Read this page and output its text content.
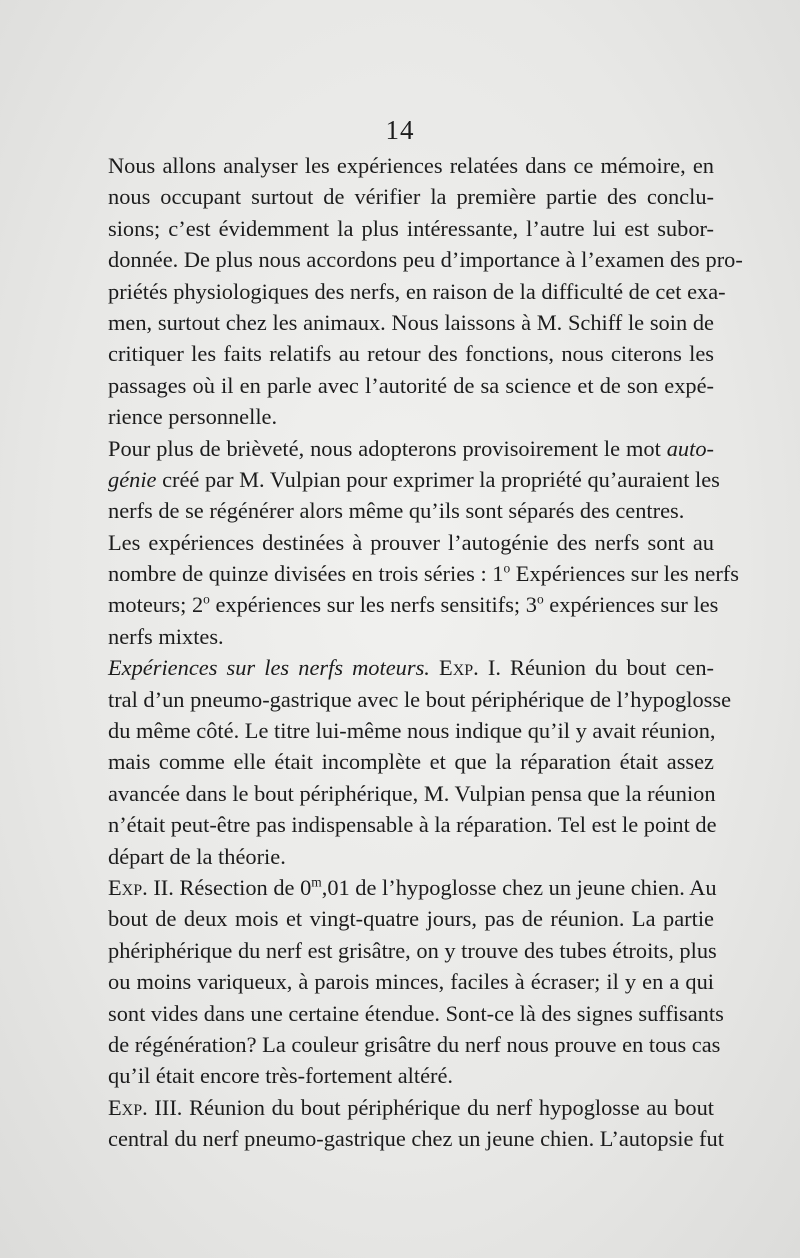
14
Nous allons analyser les expériences relatées dans ce mémoire, en
nous occupant surtout de vérifier la première partie des conclu-
sions; c’est évidemment la plus intéressante, l’autre lui est subor-
donnée. De plus nous accordons peu d’importance à l’examen des pro-
priétés physiologiques des nerfs, en raison de la difficulté de cet exa-
men, surtout chez les animaux. Nous laissons à M. Schiff le soin de
critiquer les faits relatifs au retour des fonctions, nous citerons les
passages où il en parle avec l’autorité de sa science et de son expé-
rience personnelle.
Pour plus de brièveté, nous adopterons provisoirement le mot auto-
génie créé par M. Vulpian pour exprimer la propriété qu’auraient les
nerfs de se régénérer alors même qu’ils sont séparés des centres.
Les expériences destinées à prouver l’autogénie des nerfs sont au
nombre de quinze divisées en trois séries : 1$^o$ Expériences sur les nerfs
moteurs; 2$^o$ expériences sur les nerfs sensitifs; 3$^o$ expériences sur les
nerfs mixtes.
Expériences sur les nerfs moteurs. Exp. I. Réunion du bout cen-
tral d’un pneumo-gastrique avec le bout périphérique de l’hypoglosse
du même côté. Le titre lui-même nous indique qu’il y avait réunion,
mais comme elle était incomplète et que la réparation était assez
avancée dans le bout périphérique, M. Vulpian pensa que la réunion
n’était peut-être pas indispensable à la réparation. Tel est le point de
départ de la théorie.
Exp. II. Résection de 0$^m$,01 de l’hypoglosse chez un jeune chien. Au
bout de deux mois et vingt-quatre jours, pas de réunion. La partie
phériphérique du nerf est grisâtre, on y trouve des tubes étroits, plus
ou moins variqueux, à parois minces, faciles à écraser; il y en a qui
sont vides dans une certaine étendue. Sont-ce là des signes suffisants
de régénération? La couleur grisâtre du nerf nous prouve en tous cas
qu’il était encore très-fortement altéré.
Exp. III. Réunion du bout périphérique du nerf hypoglosse au bout
central du nerf pneumo-gastrique chez un jeune chien. L’autopsie fut
